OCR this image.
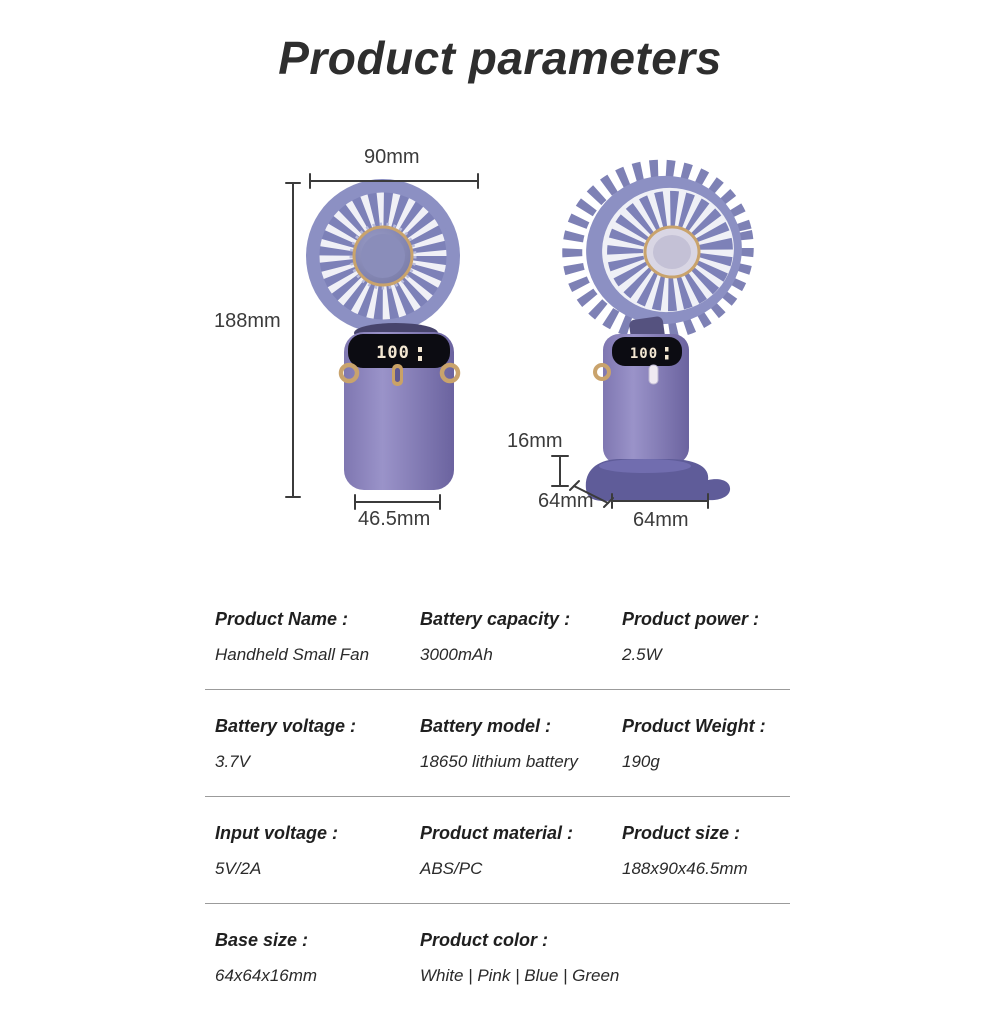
Product parameters
100	100
90mm
188mm
46.5mm
16mm
64mm
64mm
Product Name :
Handheld Small Fan
Battery capacity :
3000mAh
Product power :
2.5W
Battery voltage :
3.7V
Battery model :
18650 lithium battery
Product Weight :
190g
Input voltage :
5V/2A
Product material :
ABS/PC
Product size :
188x90x46.5mm
Base size :
64x64x16mm
Product color :
White | Pink | Blue | Green
